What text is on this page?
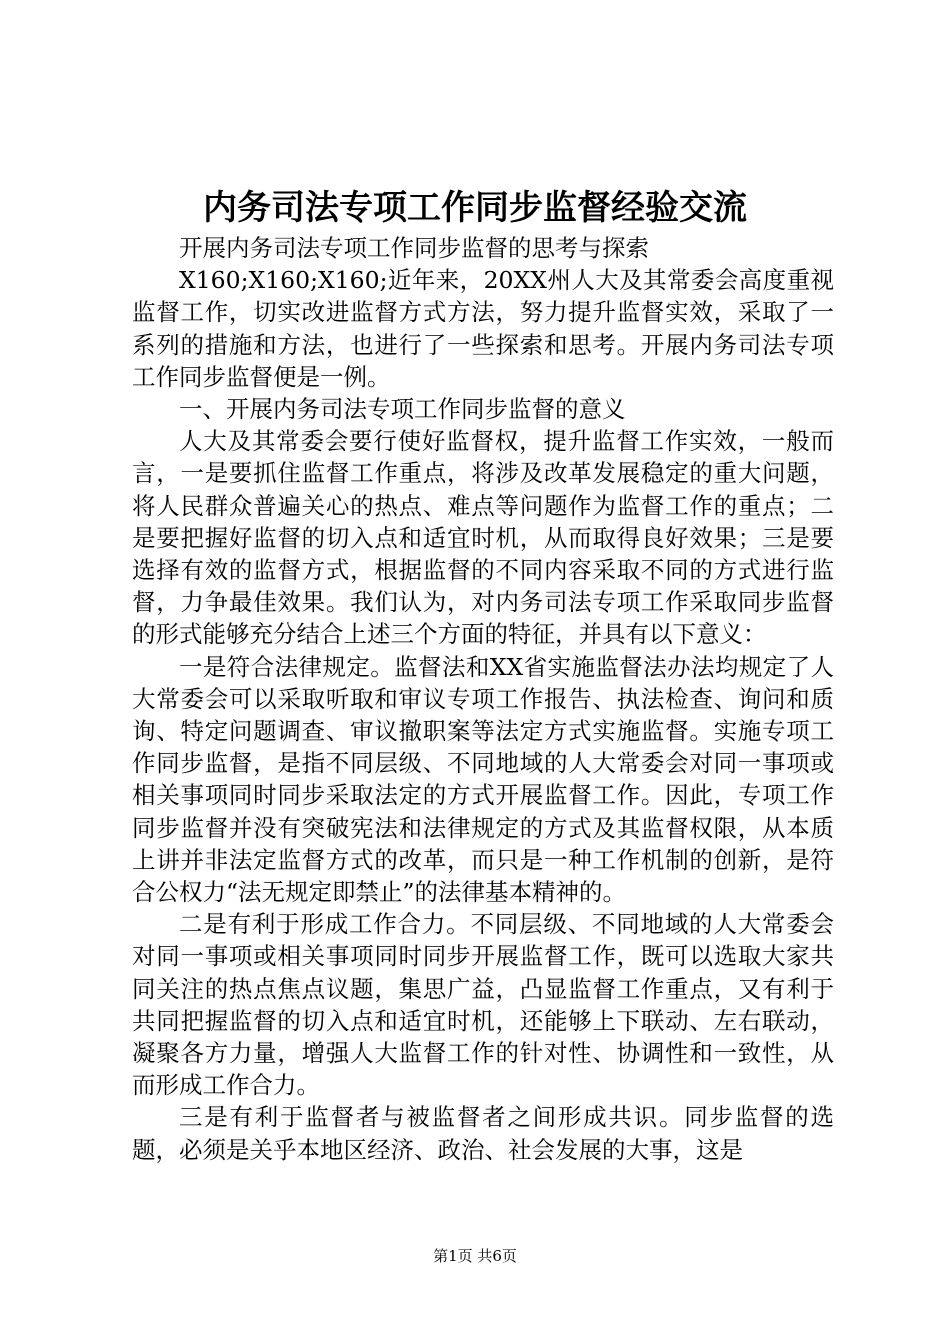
内务司法专项工作同步监督经验交流

开展内务司法专项工作同步监督的思考与探索

X160;X160;X160;近年来，20XX州人大及其常委会高度重视监督工作，切实改进监督方式方法，努力提升监督实效，采取了一系列的措施和方法，也进行了一些探索和思考。开展内务司法专项工作同步监督便是一例。

一、开展内务司法专项工作同步监督的意义

人大及其常委会要行使好监督权，提升监督工作实效，一般而言，一是要抓住监督工作重点，将涉及改革发展稳定的重大问题，将人民群众普遍关心的热点、难点等问题作为监督工作的重点；二是要把握好监督的切入点和适宜时机，从而取得良好效果；三是要选择有效的监督方式，根据监督的不同内容采取不同的方式进行监督，力争最佳效果。我们认为，对内务司法专项工作采取同步监督的形式能够充分结合上述三个方面的特征，并具有以下意义：

一是符合法律规定。监督法和XX省实施监督法办法均规定了人大常委会可以采取听取和审议专项工作报告、执法检查、询问和质询、特定问题调查、审议撤职案等法定方式实施监督。实施专项工作同步监督，是指不同层级、不同地域的人大常委会对同一事项或相关事项同时同步采取法定的方式开展监督工作。因此，专项工作同步监督并没有突破宪法和法律规定的方式及其监督权限，从本质上讲并非法定监督方式的改革，而只是一种工作机制的创新，是符合公权力“法无规定即禁止”的法律基本精神的。

二是有利于形成工作合力。不同层级、不同地域的人大常委会对同一事项或相关事项同时同步开展监督工作，既可以选取大家共同关注的热点焦点议题，集思广益，凸显监督工作重点，又有利于共同把握监督的切入点和适宜时机，还能够上下联动、左右联动，凝聚各方力量，增强人大监督工作的针对性、协调性和一致性，从而形成工作合力。

三是有利于监督者与被监督者之间形成共识。同步监督的选题，必须是关乎本地区经济、政治、社会发展的大事，这是

第1页 共6页
